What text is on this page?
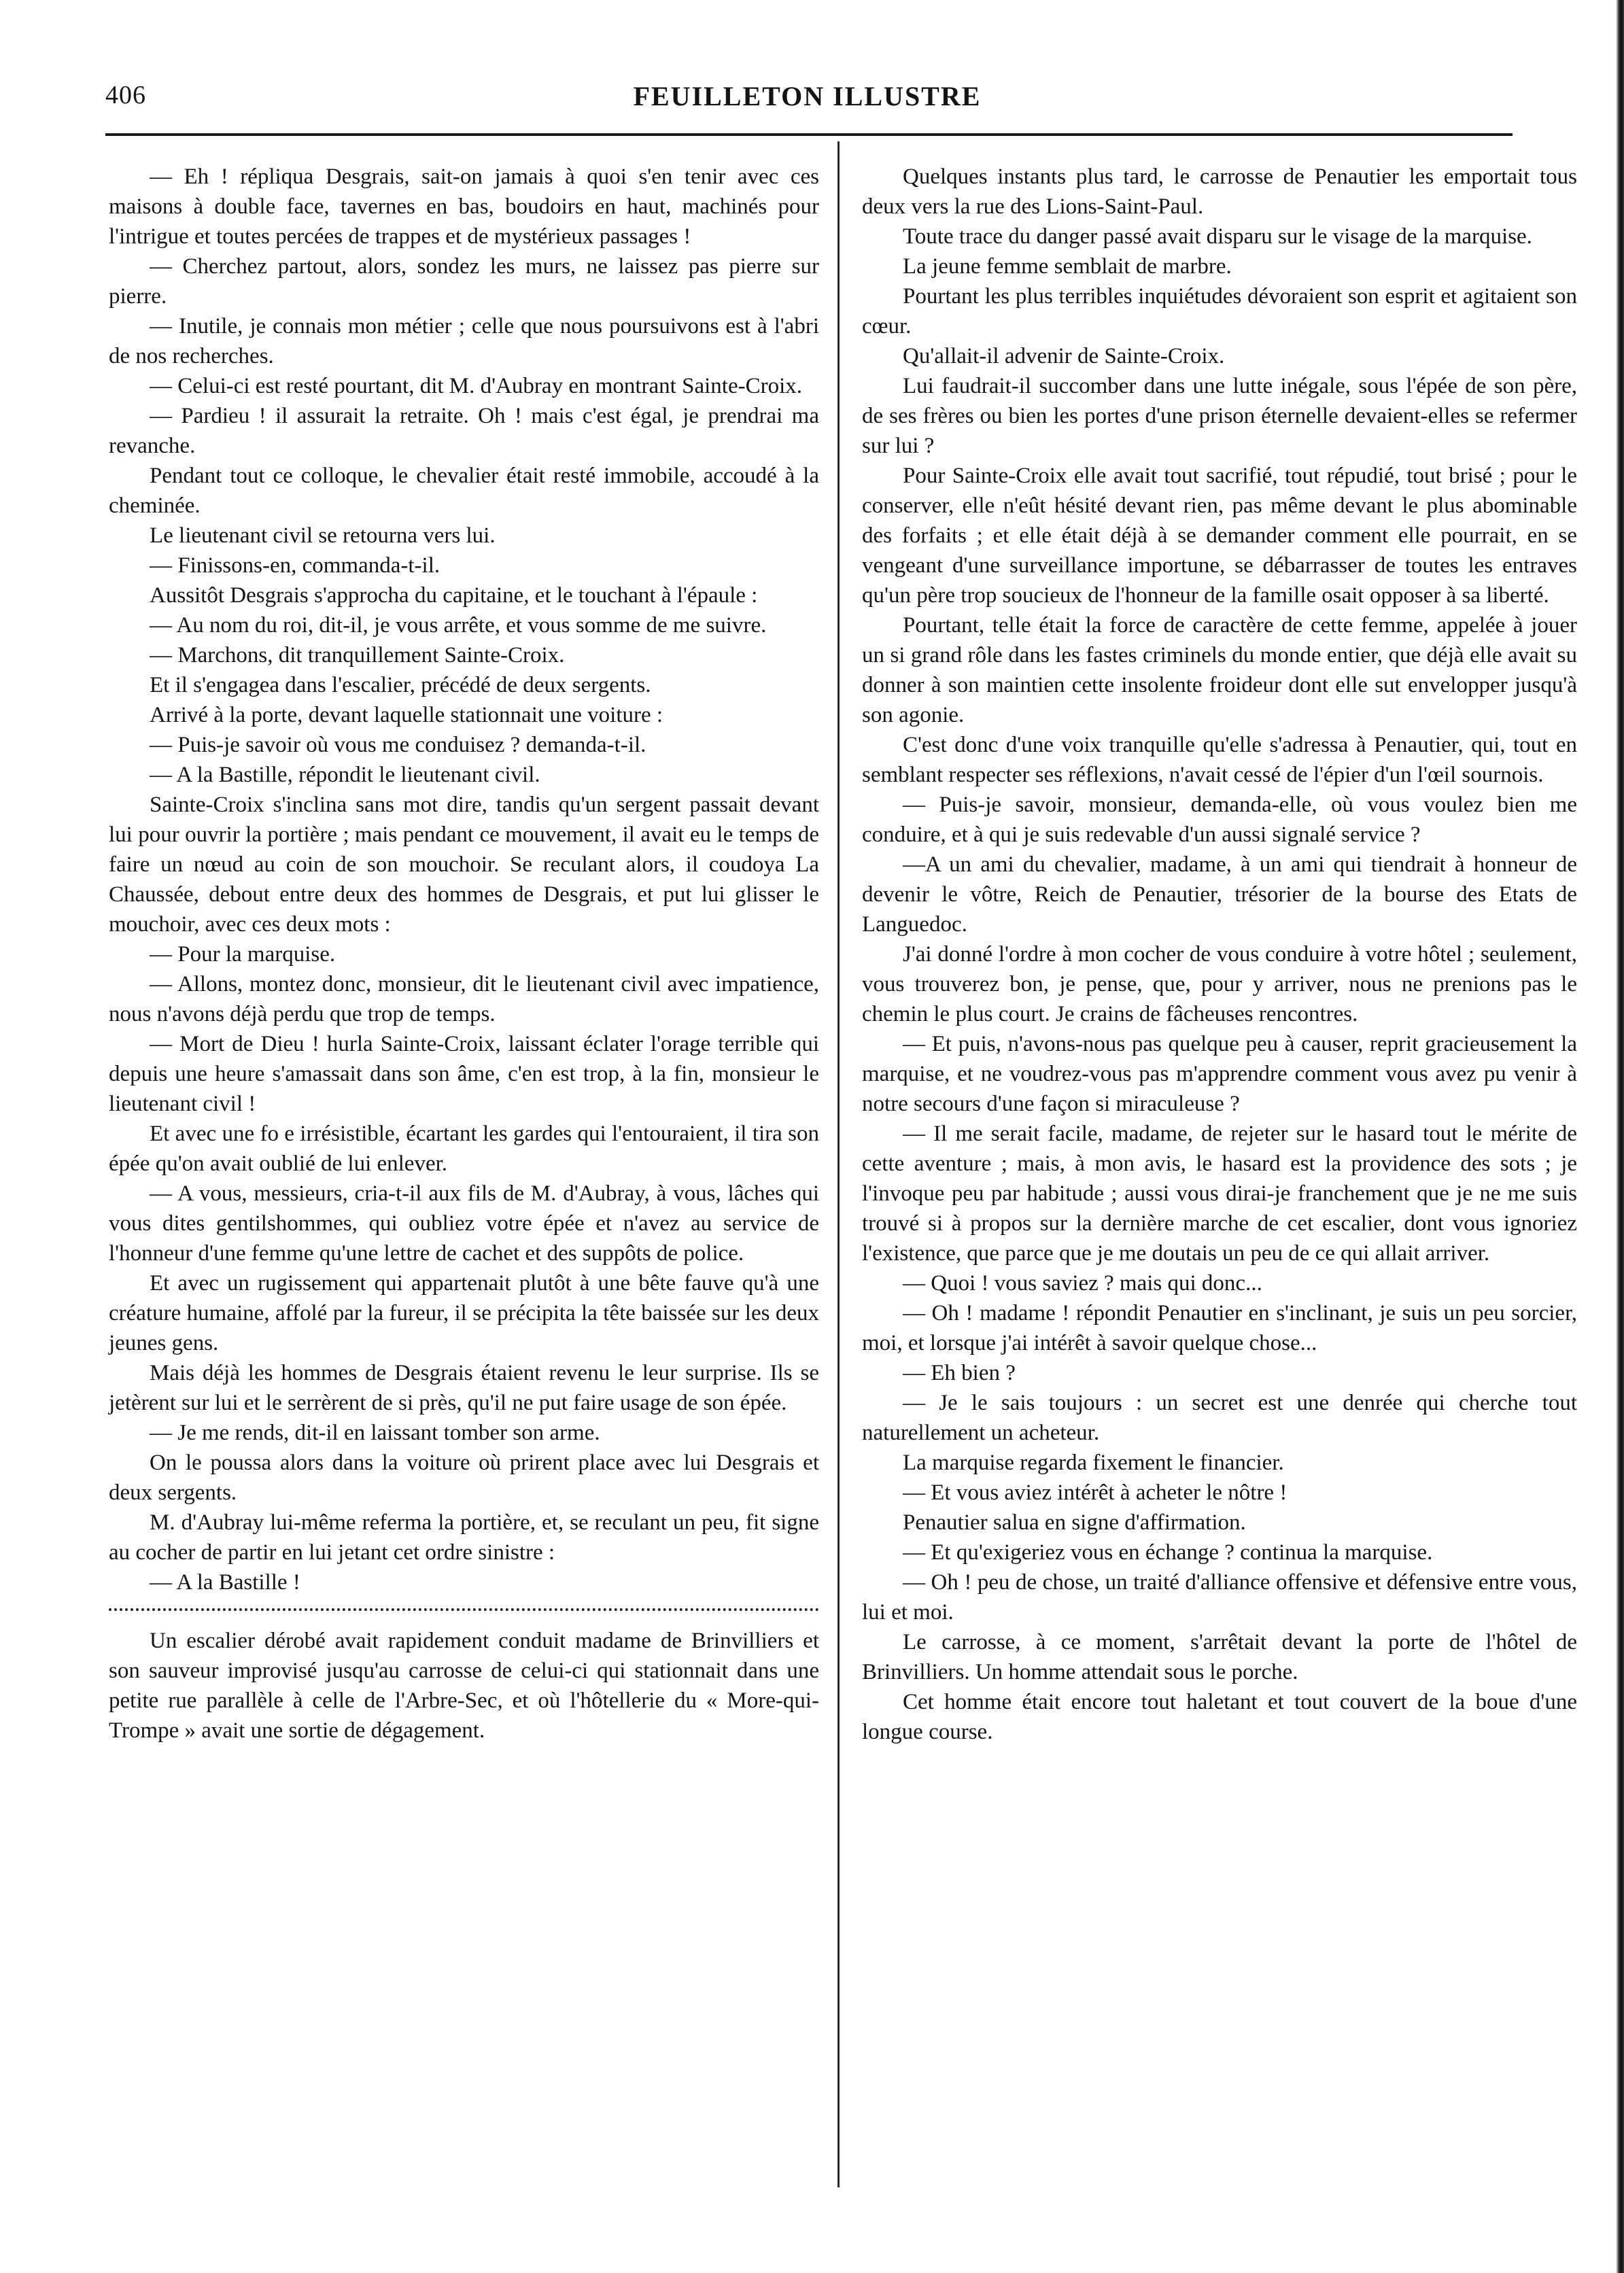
406	FEUILLETON ILLUSTRE

— Eh ! répliqua Desgrais, sait-on jamais à quoi s'en tenir avec ces maisons à double face, tavernes en bas, boudoirs en haut, machinés pour l'intrigue et toutes percées de trappes et de mystérieux passages !

— Cherchez partout, alors, sondez les murs, ne laissez pas pierre sur pierre.

— Inutile, je connais mon métier ; celle que nous poursuivons est à l'abri de nos recherches.

— Celui-ci est resté pourtant, dit M. d'Aubray en montrant Sainte-Croix.

— Pardieu ! il assurait la retraite. Oh ! mais c'est égal, je prendrai ma revanche.

Pendant tout ce colloque, le chevalier était resté immobile, accoudé à la cheminée.

Le lieutenant civil se retourna vers lui.

— Finissons-en, commanda-t-il.

Aussitôt Desgrais s'approcha du capitaine, et le touchant à l'épaule :

— Au nom du roi, dit-il, je vous arrête, et vous somme de me suivre.

— Marchons, dit tranquillement Sainte-Croix.

Et il s'engagea dans l'escalier, précédé de deux sergents.

Arrivé à la porte, devant laquelle stationnait une voiture :

— Puis-je savoir où vous me conduisez ? demanda-t-il.

— A la Bastille, répondit le lieutenant civil.

Sainte-Croix s'inclina sans mot dire, tandis qu'un sergent passait devant lui pour ouvrir la portière ; mais pendant ce mouvement, il avait eu le temps de faire un nœud au coin de son mouchoir. Se reculant alors, il coudoya La Chaussée, debout entre deux des hommes de Desgrais, et put lui glisser le mouchoir, avec ces deux mots :

— Pour la marquise.

— Allons, montez donc, monsieur, dit le lieutenant civil avec impatience, nous n'avons déjà perdu que trop de temps.

— Mort de Dieu ! hurla Sainte-Croix, laissant éclater l'orage terrible qui depuis une heure s'amassait dans son âme, c'en est trop, à la fin, monsieur le lieutenant civil !

Et avec une fo e irrésistible, écartant les gardes qui l'entouraient, il tira son épée qu'on avait oublié de lui enlever.

— A vous, messieurs, cria-t-il aux fils de M. d'Aubray, à vous, lâches qui vous dites gentilshommes, qui oubliez votre épée et n'avez au service de l'honneur d'une femme qu'une lettre de cachet et des suppôts de police.

Et avec un rugissement qui appartenait plutôt à une bête fauve qu'à une créature humaine, affolé par la fureur, il se précipita la tête baissée sur les deux jeunes gens.

Mais déjà les hommes de Desgrais étaient revenu le leur surprise. Ils se jetèrent sur lui et le serrèrent de si près, qu'il ne put faire usage de son épée.

— Je me rends, dit-il en laissant tomber son arme.

On le poussa alors dans la voiture où prirent place avec lui Desgrais et deux sergents.

M. d'Aubray lui-même referma la portière, et, se reculant un peu, fit signe au cocher de partir en lui jetant cet ordre sinistre :

— A la Bastille !

Un escalier dérobé avait rapidement conduit madame de Brinvilliers et son sauveur improvisé jusqu'au carrosse de celui-ci qui stationnait dans une petite rue parallèle à celle de l'Arbre-Sec, et où l'hôtellerie du « More-qui-Trompe » avait une sortie de dégagement.

Quelques instants plus tard, le carrosse de Penautier les emportait tous deux vers la rue des Lions-Saint-Paul.

Toute trace du danger passé avait disparu sur le visage de la marquise.

La jeune femme semblait de marbre.

Pourtant les plus terribles inquiétudes dévoraient son esprit et agitaient son cœur.

Qu'allait-il advenir de Sainte-Croix.

Lui faudrait-il succomber dans une lutte inégale, sous l'épée de son père, de ses frères ou bien les portes d'une prison éternelle devaient-elles se refermer sur lui ?

Pour Sainte-Croix elle avait tout sacrifié, tout répudié, tout brisé ; pour le conserver, elle n'eût hésité devant rien, pas même devant le plus abominable des forfaits ; et elle était déjà à se demander comment elle pourrait, en se vengeant d'une surveillance importune, se débarrasser de toutes les entraves qu'un père trop soucieux de l'honneur de la famille osait opposer à sa liberté.

Pourtant, telle était la force de caractère de cette femme, appelée à jouer un si grand rôle dans les fastes criminels du monde entier, que déjà elle avait su donner à son maintien cette insolente froideur dont elle sut envelopper jusqu'à son agonie.

C'est donc d'une voix tranquille qu'elle s'adressa à Penautier, qui, tout en semblant respecter ses réflexions, n'avait cessé de l'épier d'un l'œil sournois.

— Puis-je savoir, monsieur, demanda-elle, où vous voulez bien me conduire, et à qui je suis redevable d'un aussi signalé service ?

—A un ami du chevalier, madame, à un ami qui tiendrait à honneur de devenir le vôtre, Reich de Penautier, trésorier de la bourse des Etats de Languedoc.

J'ai donné l'ordre à mon cocher de vous conduire à votre hôtel ; seulement, vous trouverez bon, je pense, que, pour y arriver, nous ne prenions pas le chemin le plus court. Je crains de fâcheuses rencontres.

— Et puis, n'avons-nous pas quelque peu à causer, reprit gracieusement la marquise, et ne voudrez-vous pas m'apprendre comment vous avez pu venir à notre secours d'une façon si miraculeuse ?

— Il me serait facile, madame, de rejeter sur le hasard tout le mérite de cette aventure ; mais, à mon avis, le hasard est la providence des sots ; je l'invoque peu par habitude ; aussi vous dirai-je franchement que je ne me suis trouvé si à propos sur la dernière marche de cet escalier, dont vous ignoriez l'existence, que parce que je me doutais un peu de ce qui allait arriver.

— Quoi ! vous saviez ? mais qui donc...

— Oh ! madame ! répondit Penautier en s'inclinant, je suis un peu sorcier, moi, et lorsque j'ai intérêt à savoir quelque chose...

— Eh bien ?

— Je le sais toujours : un secret est une denrée qui cherche tout naturellement un acheteur.

La marquise regarda fixement le financier.

— Et vous aviez intérêt à acheter le nôtre !

Penautier salua en signe d'affirmation.

— Et qu'exigeriez vous en échange ? continua la marquise.

— Oh ! peu de chose, un traité d'alliance offensive et défensive entre vous, lui et moi.

Le carrosse, à ce moment, s'arrêtait devant la porte de l'hôtel de Brinvilliers. Un homme attendait sous le porche.

Cet homme était encore tout haletant et tout couvert de la boue d'une longue course.
